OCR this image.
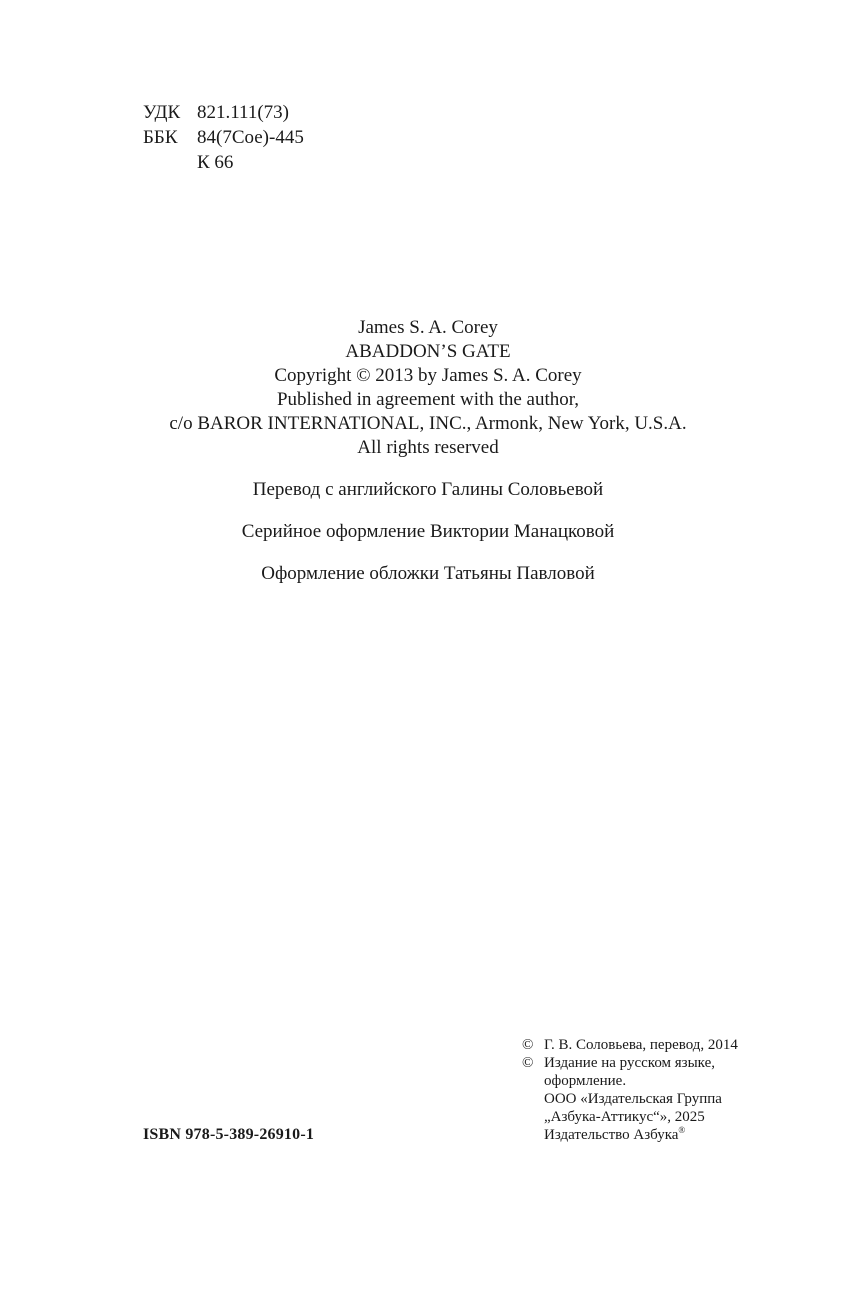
УДК 821.111(73)
ББК	84(7Сое)-445
К 66
James S. A. Corey
ABADDON’S GATE
Copyright © 2013 by James S. A. Corey
Published in agreement with the author,
c/o BAROR INTERNATIONAL, INC., Armonk, New York, U.S.A.
All rights reserved
Перевод с английского Галины Соловьевой
Серийное оформление Виктории Манацковой
Оформление обложки Татьяны Павловой
ISBN 978-5-389-26910-1
© Г. В. Соловьева, перевод, 2014
© Издание на русском языке,
оформление.
ООО «Издательская Группа
„Азбука-Аттикус“», 2025
Издательство Азбука®
